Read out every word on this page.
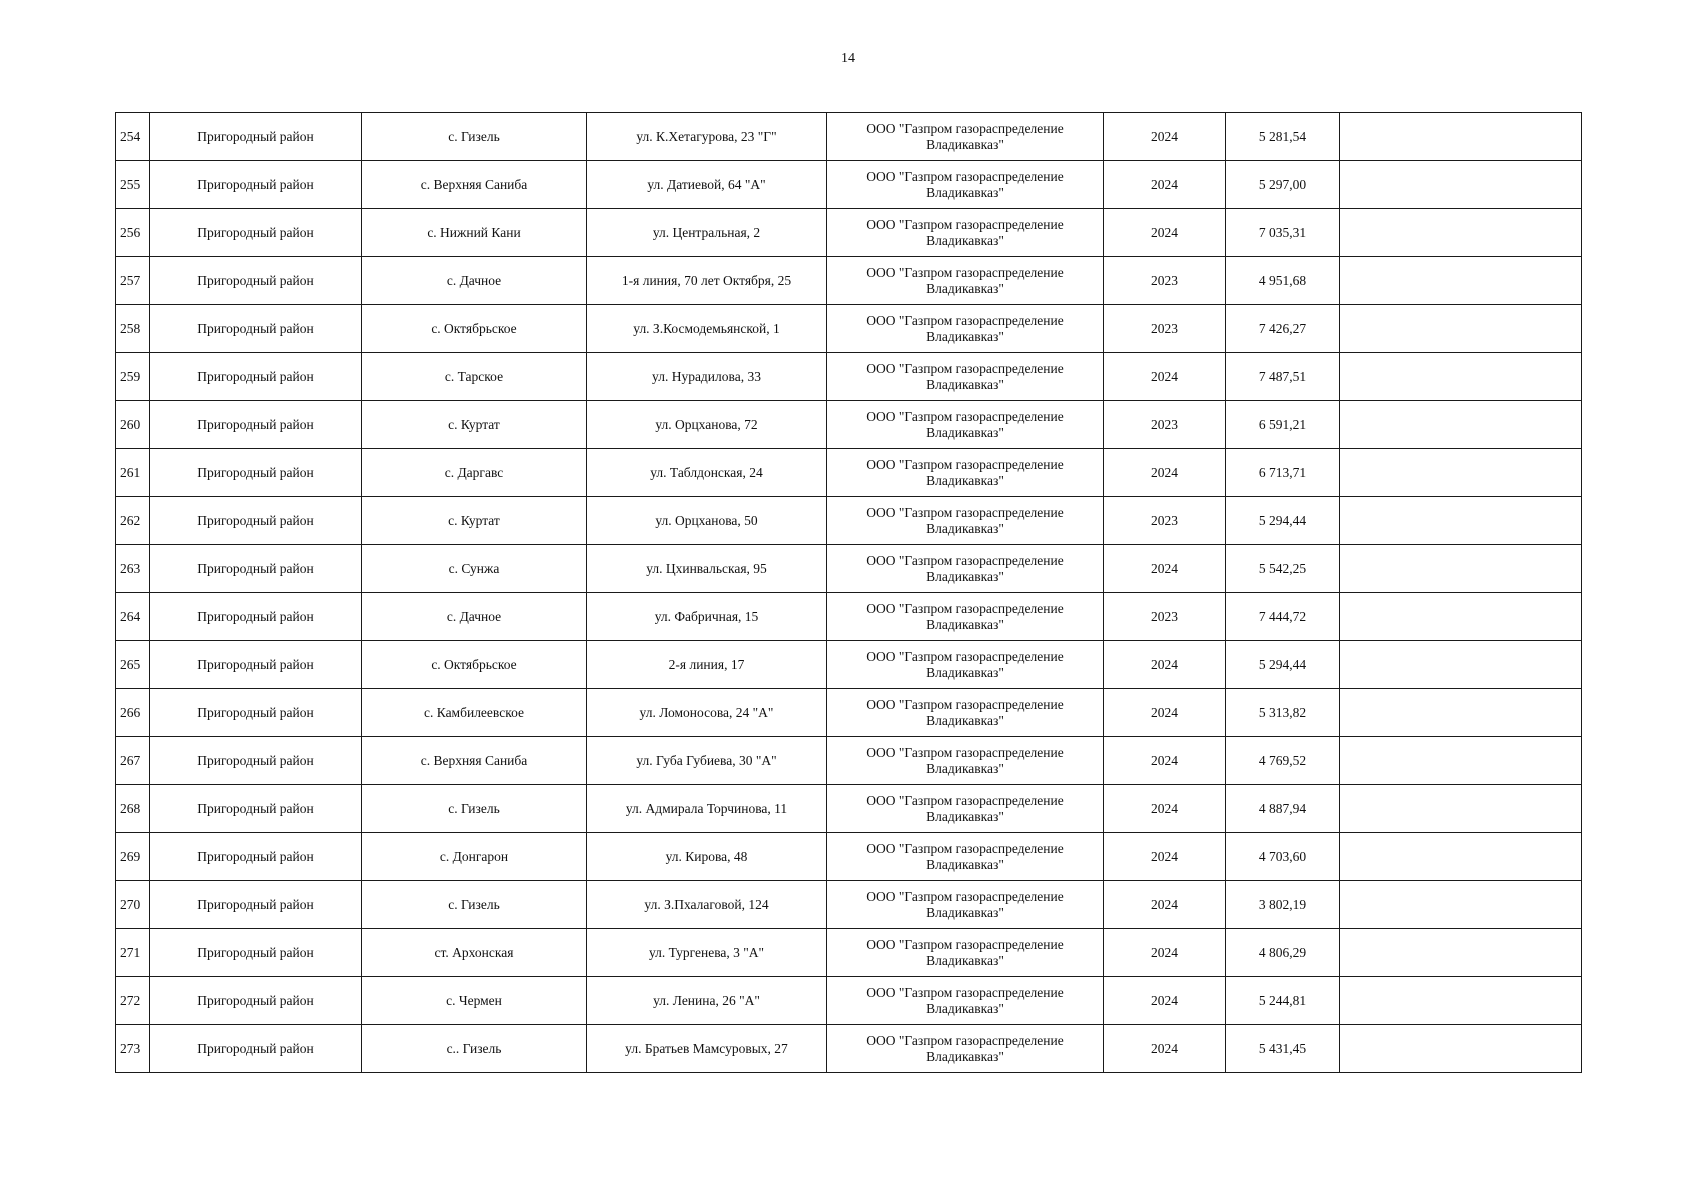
14
254	Пригородный район	с. Гизель	ул. К.Хетагурова, 23 "Г"	ООО "Газпром газораспределение Владикавказ"	2024	5 281,54	
255	Пригородный район	с. Верхняя Саниба	ул. Датиевой, 64 "А"	ООО "Газпром газораспределение Владикавказ"	2024	5 297,00	
256	Пригородный район	с. Нижний Кани	ул. Центральная, 2	ООО "Газпром газораспределение Владикавказ"	2024	7 035,31	
257	Пригородный район	с. Дачное	1-я линия, 70 лет Октября, 25	ООО "Газпром газораспределение Владикавказ"	2023	4 951,68	
258	Пригородный район	с. Октябрьское	ул. З.Космодемьянской, 1	ООО "Газпром газораспределение Владикавказ"	2023	7 426,27	
259	Пригородный район	с. Тарское	ул. Нурадилова, 33	ООО "Газпром газораспределение Владикавказ"	2024	7 487,51	
260	Пригородный район	с. Куртат	ул. Орцханова, 72	ООО "Газпром газораспределение Владикавказ"	2023	6 591,21	
261	Пригородный район	с. Даргавс	ул. Таблдонская, 24	ООО "Газпром газораспределение Владикавказ"	2024	6 713,71	
262	Пригородный район	с. Куртат	ул. Орцханова, 50	ООО "Газпром газораспределение Владикавказ"	2023	5 294,44	
263	Пригородный район	с. Сунжа	ул. Цхинвальская, 95	ООО "Газпром газораспределение Владикавказ"	2024	5 542,25	
264	Пригородный район	с. Дачное	ул. Фабричная, 15	ООО "Газпром газораспределение Владикавказ"	2023	7 444,72	
265	Пригородный район	с. Октябрьское	2-я линия, 17	ООО "Газпром газораспределение Владикавказ"	2024	5 294,44	
266	Пригородный район	с. Камбилеевское	ул. Ломоносова, 24 "А"	ООО "Газпром газораспределение Владикавказ"	2024	5 313,82	
267	Пригородный район	с. Верхняя Саниба	ул. Губа Губиева, 30 "А"	ООО "Газпром газораспределение Владикавказ"	2024	4 769,52	
268	Пригородный район	с. Гизель	ул. Адмирала Торчинова, 11	ООО "Газпром газораспределение Владикавказ"	2024	4 887,94	
269	Пригородный район	с. Донгарон	ул. Кирова, 48	ООО "Газпром газораспределение Владикавказ"	2024	4 703,60	
270	Пригородный район	с. Гизель	ул. З.Пхалаговой, 124	ООО "Газпром газораспределение Владикавказ"	2024	3 802,19	
271	Пригородный район	ст. Архонская	ул. Тургенева, 3 "А"	ООО "Газпром газораспределение Владикавказ"	2024	4 806,29	
272	Пригородный район	с. Чермен	ул. Ленина, 26 "А"	ООО "Газпром газораспределение Владикавказ"	2024	5 244,81	
273	Пригородный район	с.. Гизель	ул. Братьев Мамсуровых, 27	ООО "Газпром газораспределение Владикавказ"	2024	5 431,45	
